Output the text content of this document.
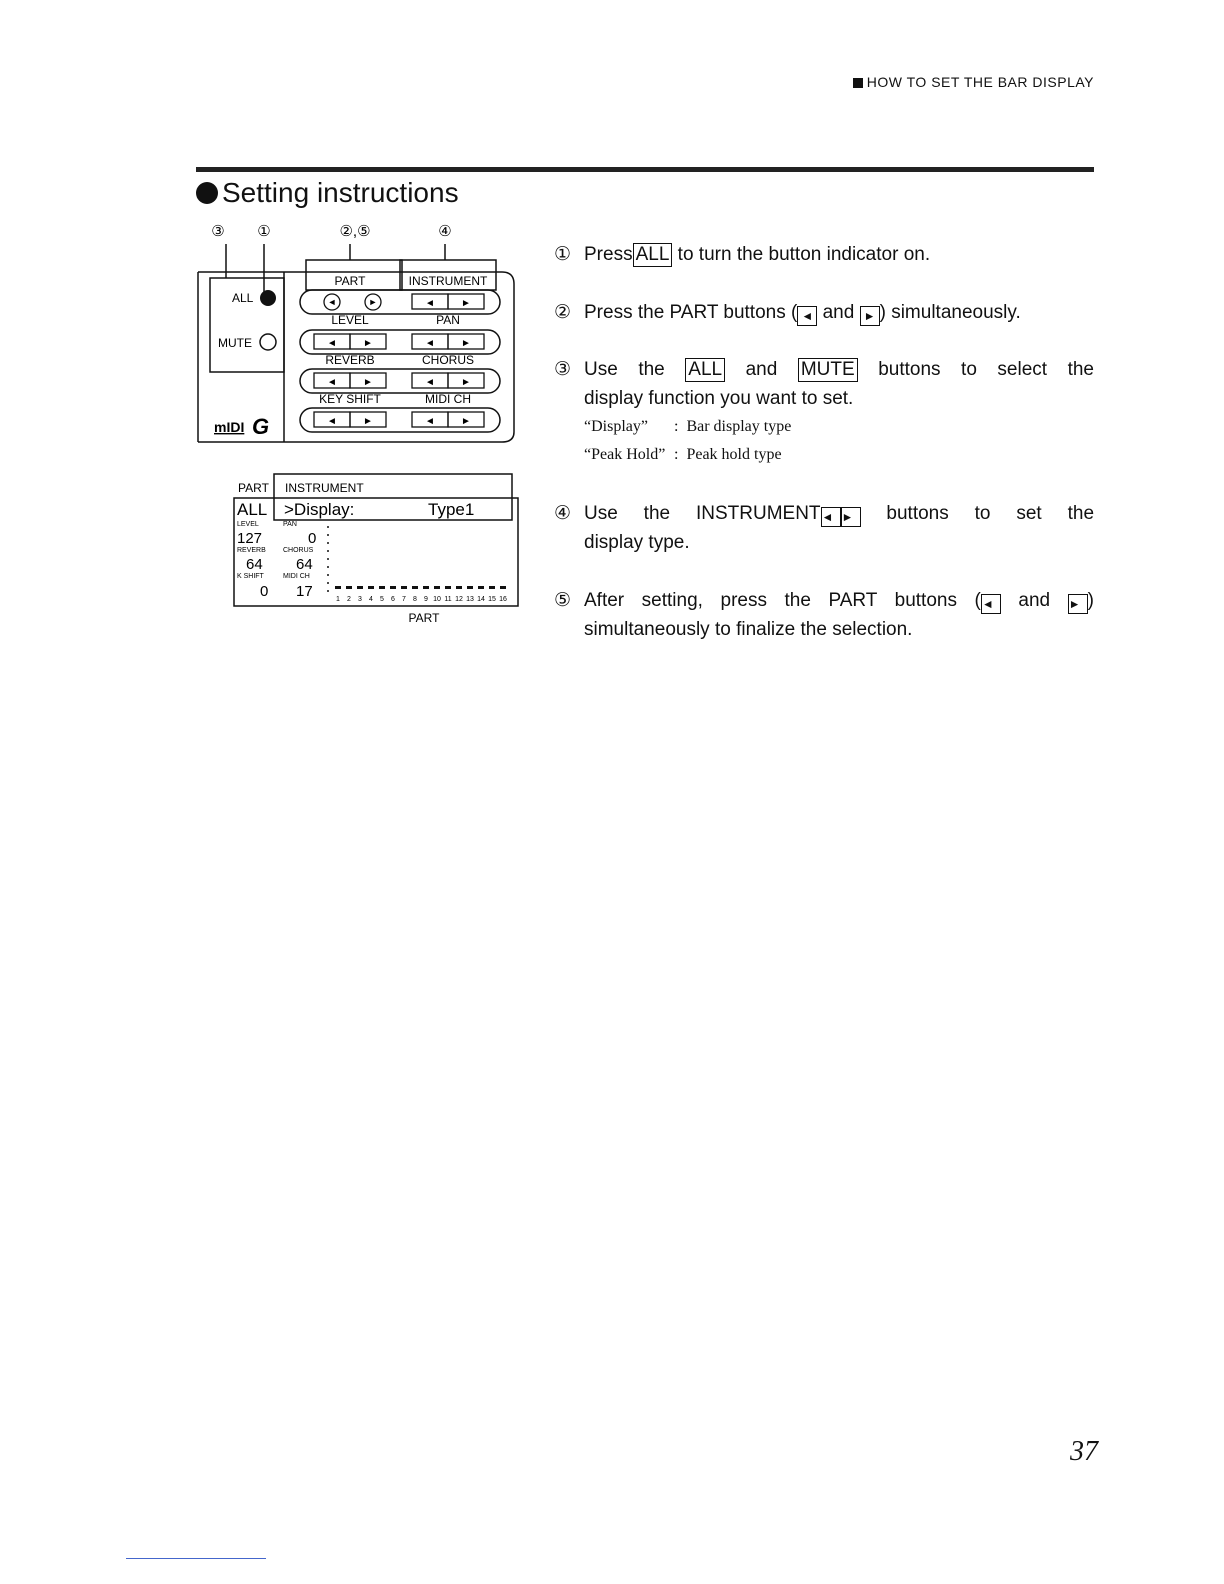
HOW TO SET THE BAR DISPLAY
Setting instructions
③ ①	②,⑤	④
PART	INSTRUMENT
ALL
MUTE
mIDI G
◄	►	◄	►
◄	►	◄	►
◄	►	◄	►
◄	►	◄	►
LEVEL	PAN
REVERB	CHORUS
KEY SHIFT	MIDI CH
PART INSTRUMENT
ALL >Display:	Type1
LEVEL	PAN
REVERB CHORUS
K SHIFT	MIDI CH
127	0
64 64
0 17	1 2 3 4 5 6 7 8 9 10 11 12 13 14 15 16
PART
① Press ALL to turn the button indicator on.
② Press the PART buttons ( ◄ and ► ) simultaneously.
③ Use the ALL and MUTE buttons to select the
display function you want to set.
“Display” : Bar display type
“Peak Hold” : Peak hold type
④ Use the INSTRUMENT◄ ► buttons to set the
display type.
⑤ After setting, press the PART buttons (◄ and ► )
simultaneously to finalize the selection.
37
